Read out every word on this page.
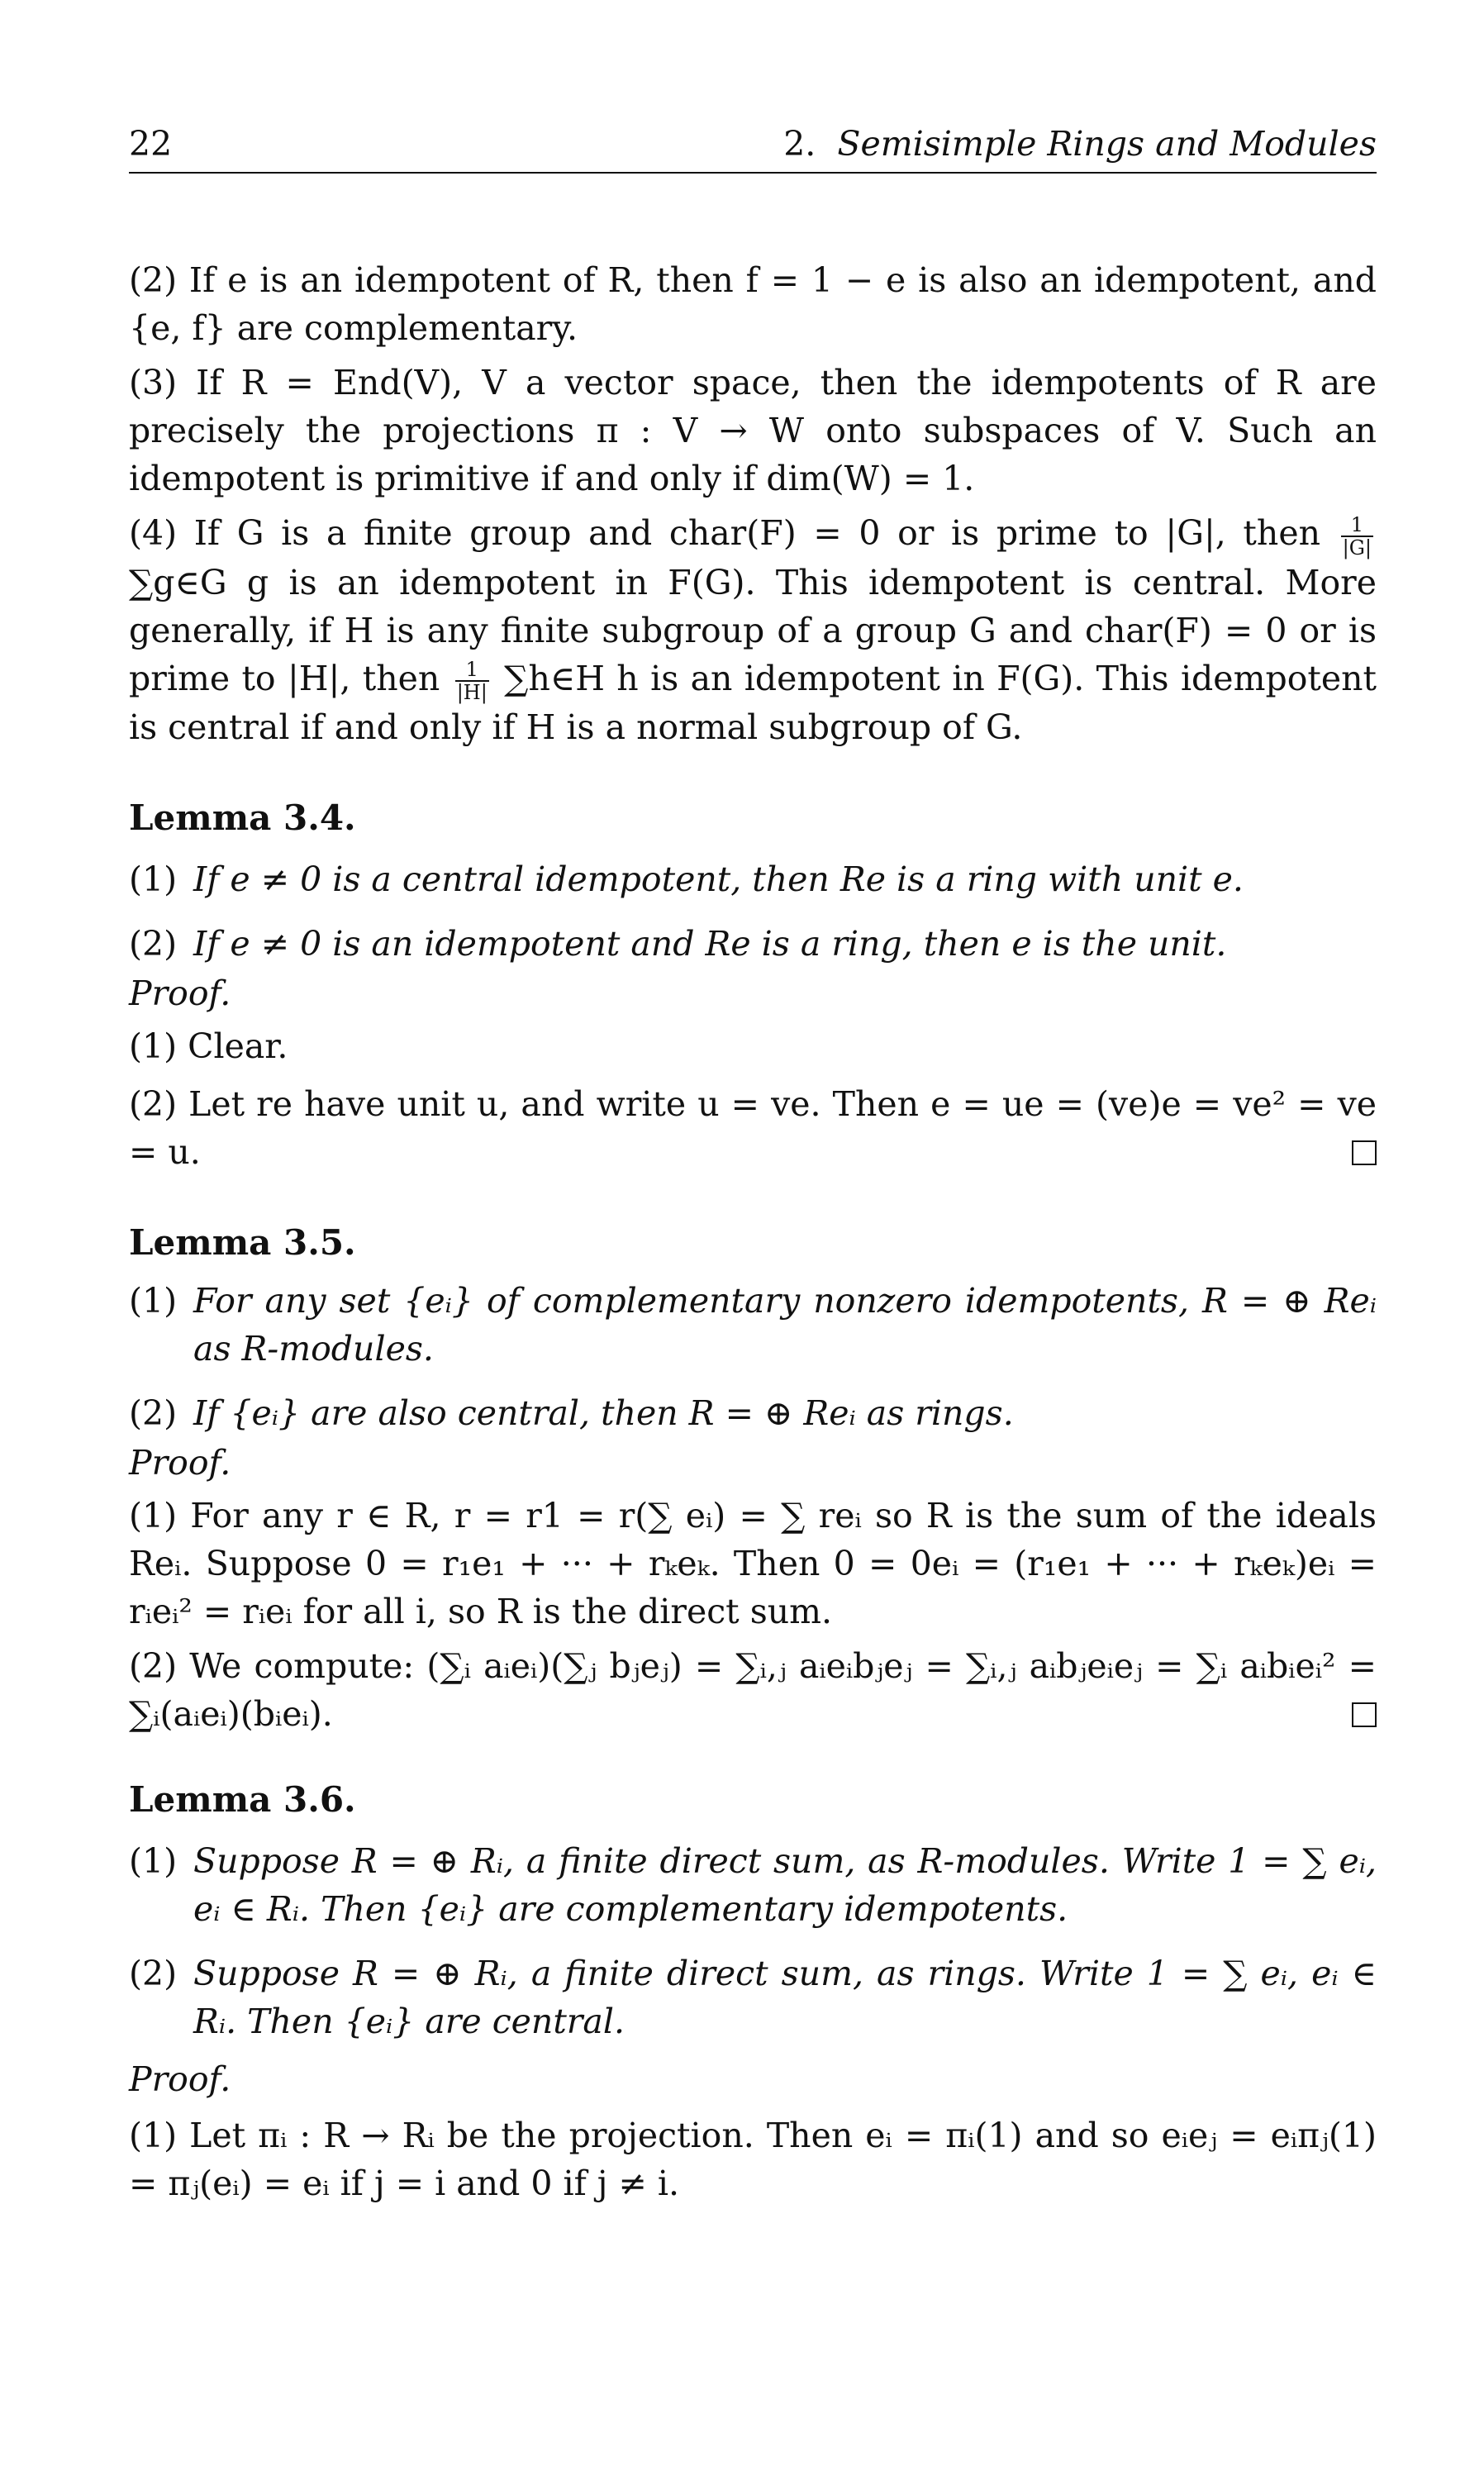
22	2. Semisimple Rings and Modules

(2) If e is an idempotent of R, then f = 1 − e is also an idempotent, and {e, f} are complementary.

(3) If R = End(V), V a vector space, then the idempotents of R are precisely the projections π : V → W onto subspaces of V. Such an idempotent is primitive if and only if dim(W) = 1.

(4) If G is a finite group and char(F) = 0 or is prime to |G|, then $\frac{1}{|G|}$
∑g∈G g is an idempotent in F(G). This idempotent is central. More generally, if H is any finite subgroup of a group G and char(F) = 0 or is prime to |H|, then $\frac{1}{|H|}$ ∑h∈H h is an idempotent in F(G). This idempotent is central if and only if H is a normal subgroup of G.

Lemma 3.4.

(1) If e ≠ 0 is a central idempotent, then Re is a ring with unit e.
(2) If e ≠ 0 is an idempotent and Re is a ring, then e is the unit.

Proof.

(1) Clear.

(2) Let re have unit u, and write u = ve. Then e = ue = (ve)e = ve² = ve = u.

Lemma 3.5.

(1) For any set {eᵢ} of complementary nonzero idempotents, R = ⊕ Reᵢ as R-modules.
(2) If {eᵢ} are also central, then R = ⊕ Reᵢ as rings.

Proof.

(1) For any r ∈ R, r = r1 = r(∑ eᵢ) = ∑ reᵢ so R is the sum of the ideals Reᵢ. Suppose 0 = r₁e₁ + ··· + rₖeₖ. Then 0 = 0eᵢ = (r₁e₁ + ··· + rₖeₖ)eᵢ = rᵢeᵢ² = rᵢeᵢ for all i, so R is the direct sum.

(2) We compute: (∑ᵢ aᵢeᵢ)(∑ⱼ bⱼeⱼ) = ∑ᵢ,ⱼ aᵢeᵢbⱼeⱼ = ∑ᵢ,ⱼ aᵢbⱼeᵢeⱼ = ∑ᵢ aᵢbᵢeᵢ² = ∑ᵢ(aᵢeᵢ)(bᵢeᵢ).

Lemma 3.6.

(1) Suppose R = ⊕ Rᵢ, a finite direct sum, as R-modules. Write 1 = ∑ eᵢ, eᵢ ∈ Rᵢ. Then {eᵢ} are complementary idempotents.
(2) Suppose R = ⊕ Rᵢ, a finite direct sum, as rings. Write 1 = ∑ eᵢ, eᵢ ∈ Rᵢ. Then {eᵢ} are central.

Proof.

(1) Let πᵢ : R → Rᵢ be the projection. Then eᵢ = πᵢ(1) and so eᵢeⱼ = eᵢπⱼ(1) = πⱼ(eᵢ) = eᵢ if j = i and 0 if j ≠ i.
